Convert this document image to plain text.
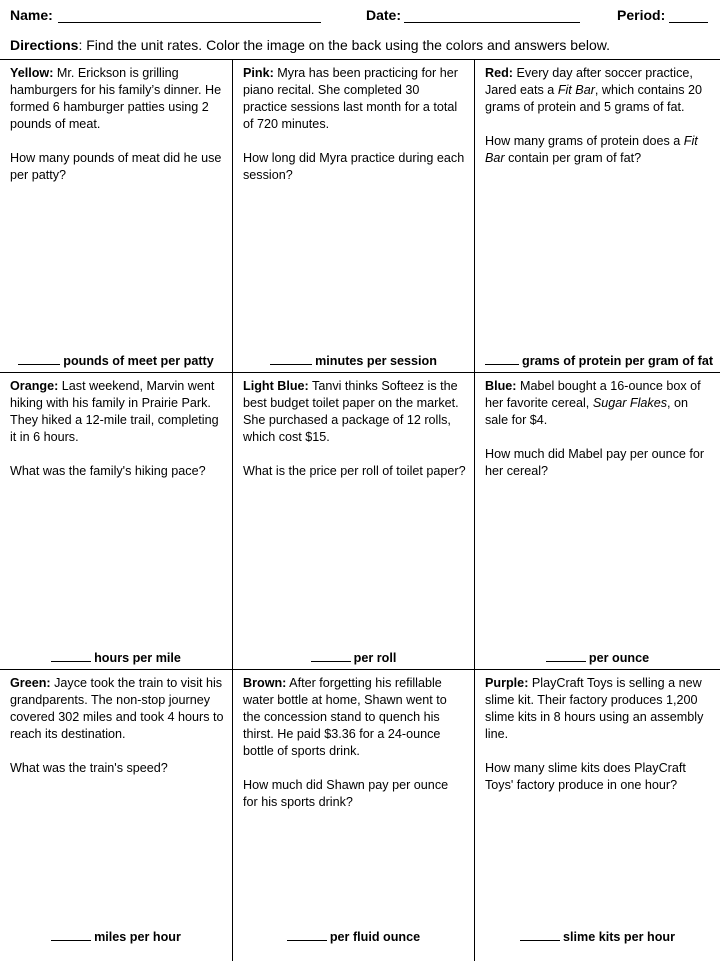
Name:	Date:	Period:
Directions: Find the unit rates. Color the image on the back using the colors and answers below.

Yellow: Mr. Erickson is grilling hamburgers for his family’s dinner. He formed 6 hamburger patties using 2 pounds of meat.

How many pounds of meat did he use per patty?

pounds of meet per patty

Pink: Myra has been practicing for her piano recital. She completed 30 practice sessions last month for a total of 720 minutes.

How long did Myra practice during each session?

minutes per session

Red: Every day after soccer practice, Jared eats a Fit Bar, which contains 20 grams of protein and 5 grams of fat.

How many grams of protein does a Fit Bar contain per gram of fat?

grams of protein per gram of fat

Orange: Last weekend, Marvin went hiking with his family in Prairie Park. They hiked a 12-mile trail, completing it in 6 hours.

What was the family's hiking pace?

hours per mile

Light Blue: Tanvi thinks Softeez is the best budget toilet paper on the market. She purchased a package of 12 rolls, which cost $15.

What is the price per roll of toilet paper?

per roll

Blue: Mabel bought a 16-ounce box of her favorite cereal, Sugar Flakes, on sale for $4.

How much did Mabel pay per ounce for her cereal?

per ounce

Green: Jayce took the train to visit his grandparents. The non-stop journey covered 302 miles and took 4 hours to reach its destination.

What was the train's speed?

miles per hour

Brown: After forgetting his refillable water bottle at home, Shawn went to the concession stand to quench his thirst. He paid $3.36 for a 24-ounce bottle of sports drink.

How much did Shawn pay per ounce for his sports drink?

per fluid ounce

Purple: PlayCraft Toys is selling a new slime kit. Their factory produces 1,200 slime kits in 8 hours using an assembly line.

How many slime kits does PlayCraft Toys' factory produce in one hour?

slime kits per hour
